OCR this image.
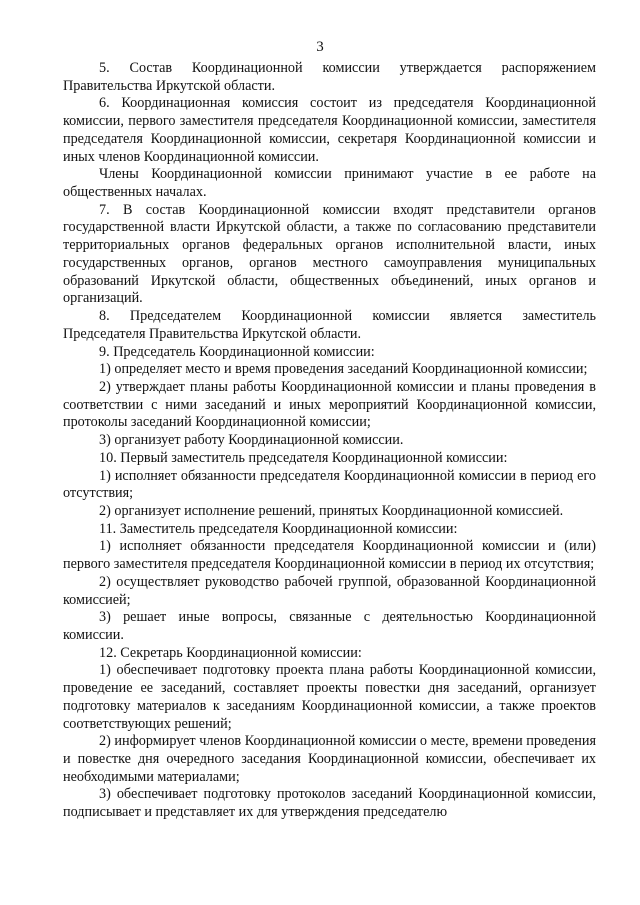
3

5. Состав Координационной комиссии утверждается распоряжением Правительства Иркутской области.

6. Координационная комиссия состоит из председателя Координационной комиссии, первого заместителя председателя Координационной комиссии, заместителя председателя Координационной комиссии, секретаря Координационной комиссии и иных членов Координационной комиссии.

Члены Координационной комиссии принимают участие в ее работе на общественных началах.

7. В состав Координационной комиссии входят представители органов государственной власти Иркутской области, а также по согласованию представители территориальных органов федеральных органов исполнительной власти, иных государственных органов, органов местного самоуправления муниципальных образований Иркутской области, общественных объединений, иных органов и организаций.

8. Председателем Координационной комиссии является заместитель Председателя Правительства Иркутской области.

9. Председатель Координационной комиссии:

1) определяет место и время проведения заседаний Координационной комиссии;

2) утверждает планы работы Координационной комиссии и планы проведения в соответствии с ними заседаний и иных мероприятий Координационной комиссии, протоколы заседаний Координационной комиссии;

3) организует работу Координационной комиссии.

10. Первый заместитель председателя Координационной комиссии:

1) исполняет обязанности председателя Координационной комиссии в период его отсутствия;

2) организует исполнение решений, принятых Координационной комиссией.

11. Заместитель председателя Координационной комиссии:

1) исполняет обязанности председателя Координационной комиссии и (или) первого заместителя председателя Координационной комиссии в период их отсутствия;

2) осуществляет руководство рабочей группой, образованной Координационной комиссией;

3) решает иные вопросы, связанные с деятельностью Координационной комиссии.

12. Секретарь Координационной комиссии:

1) обеспечивает подготовку проекта плана работы Координационной комиссии, проведение ее заседаний, составляет проекты повестки дня заседаний, организует подготовку материалов к заседаниям Координационной комиссии, а также проектов соответствующих решений;

2) информирует членов Координационной комиссии о месте, времени проведения и повестке дня очередного заседания Координационной комиссии, обеспечивает их необходимыми материалами;

3) обеспечивает подготовку протоколов заседаний Координационной комиссии, подписывает и представляет их для утверждения председателю
